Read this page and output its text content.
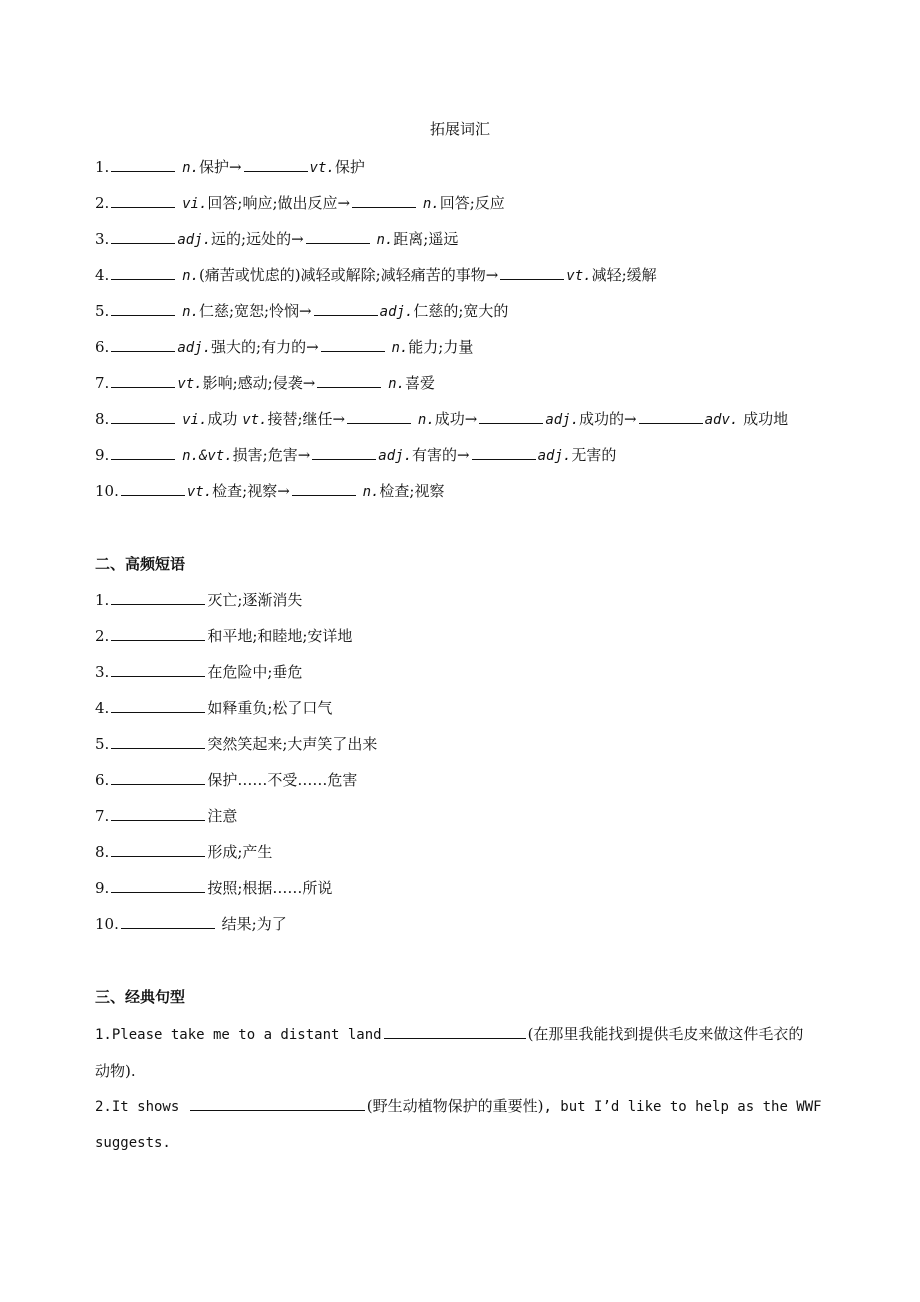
拓展词汇
1.	n.保护→	vt.保护
2.	vi.回答;响应;做出反应→	n.回答;反应
3.	adj.远的;远处的→	n.距离;遥远
4.	n.(痛苦或忧虑的)减轻或解除;减轻痛苦的事物→	vt.减轻;缓解
5.	n.仁慈;宽恕;怜悯→	adj.仁慈的;宽大的
6.	adj.强大的;有力的→	n.能力;力量
7.	vt.影响;感动;侵袭→	n.喜爱
8.	vi.成功 vt.接替;继任→	n.成功→	adj.成功的→	adv. 成功地
9.	n.&vt.损害;危害→	adj.有害的→	adj.无害的
10.	vt.检查;视察→	n.检查;视察
二、高频短语
1.	灭亡;逐渐消失
2.	和平地;和睦地;安详地
3.	在危险中;垂危
4.	如释重负;松了口气
5.	突然笑起来;大声笑了出来
6.	保护……不受……危害
7.	注意
8.	形成;产生
9.	按照;根据……所说
10.	结果;为了
三、经典句型
1.Please take me to a distant land	(在那里我能找到提供毛皮来做这件毛衣的
动物).
2.It shows	(野生动植物保护的重要性), but I’d like to help as the WWF
suggests.
